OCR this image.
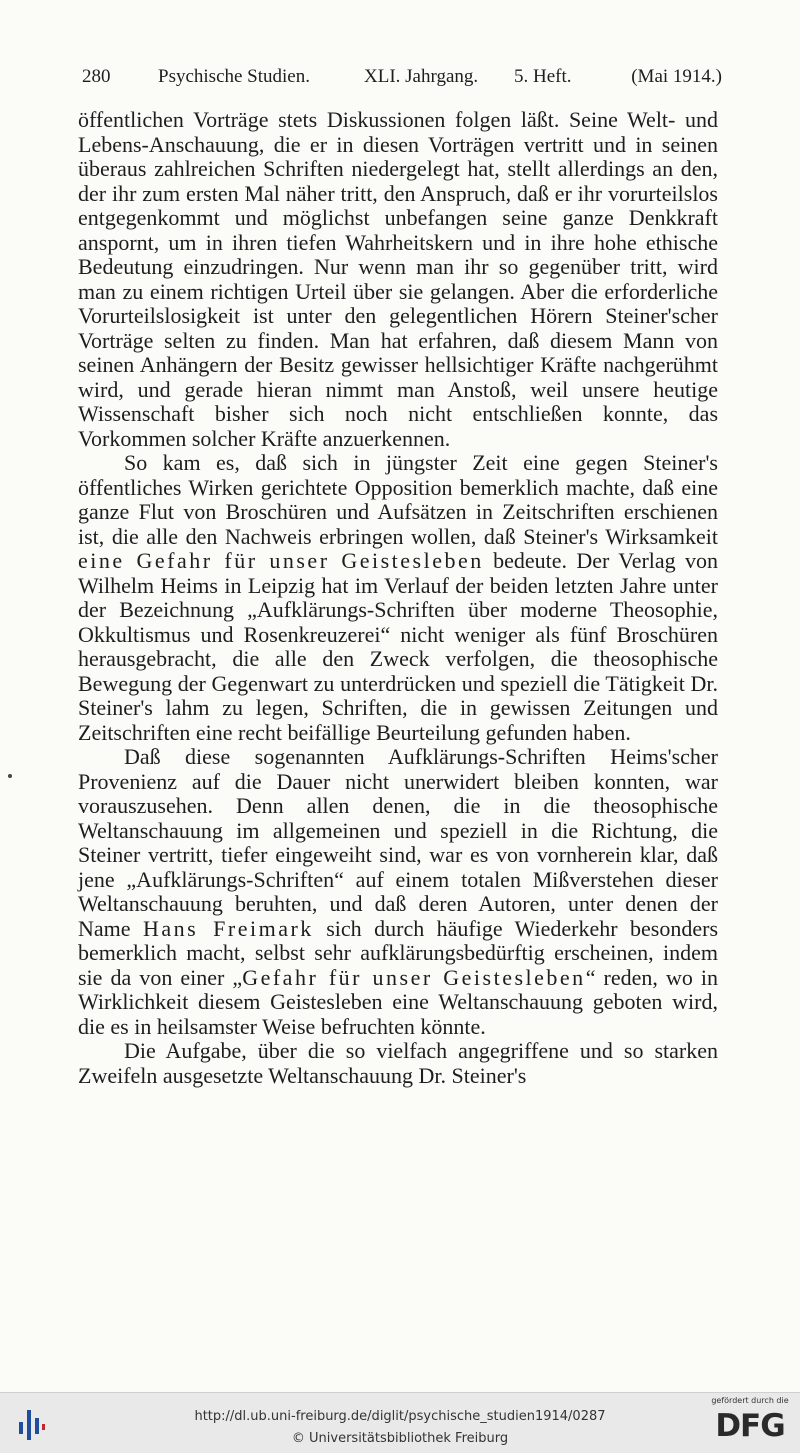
280	Psychische Studien.	XLI. Jahrgang. 5. Heft.	(Mai 1914.)

öffentlichen Vorträge stets Diskussionen folgen läßt. Seine Welt- und Lebens-Anschauung, die er in diesen Vorträgen vertritt und in seinen überaus zahlreichen Schriften niedergelegt hat, stellt allerdings an den, der ihr zum ersten Mal näher tritt, den Anspruch, daß er ihr vorurteilslos entgegenkommt und möglichst unbefangen seine ganze Denkkraft anspornt, um in ihren tiefen Wahrheitskern und in ihre hohe ethische Bedeutung einzudringen. Nur wenn man ihr so gegenüber tritt, wird man zu einem richtigen Urteil über sie gelangen. Aber die erforderliche Vorurteilslosigkeit ist unter den gelegentlichen Hörern Steiner'scher Vorträge selten zu finden. Man hat erfahren, daß diesem Mann von seinen Anhängern der Besitz gewisser hellsichtiger Kräfte nachgerühmt wird, und gerade hieran nimmt man Anstoß, weil unsere heutige Wissenschaft bisher sich noch nicht entschließen konnte, das Vorkommen solcher Kräfte anzuerkennen.

So kam es, daß sich in jüngster Zeit eine gegen Steiner's öffentliches Wirken gerichtete Opposition bemerklich machte, daß eine ganze Flut von Broschüren und Aufsätzen in Zeitschriften erschienen ist, die alle den Nachweis erbringen wollen, daß Steiner's Wirksamkeit eine Gefahr für unser Geistesleben bedeute. Der Verlag von Wilhelm Heims in Leipzig hat im Verlauf der beiden letzten Jahre unter der Bezeichnung „Aufklärungs-Schriften über moderne Theosophie, Okkultismus und Rosenkreuzerei“ nicht weniger als fünf Broschüren herausgebracht, die alle den Zweck verfolgen, die theosophische Bewegung der Gegenwart zu unterdrücken und speziell die Tätigkeit Dr. Steiner's lahm zu legen, Schriften, die in gewissen Zeitungen und Zeitschriften eine recht beifällige Beurteilung gefunden haben.

Daß diese sogenannten Aufklärungs-Schriften Heims'scher Provenienz auf die Dauer nicht unerwidert bleiben konnten, war vorauszusehen. Denn allen denen, die in die theosophische Weltanschauung im allgemeinen und speziell in die Richtung, die Steiner vertritt, tiefer eingeweiht sind, war es von vornherein klar, daß jene „Aufklärungs-Schriften“ auf einem totalen Mißverstehen dieser Weltanschauung beruhten, und daß deren Autoren, unter denen der Name Hans Freimark sich durch häufige Wiederkehr besonders bemerklich macht, selbst sehr aufklärungsbedürftig erscheinen, indem sie da von einer „Gefahr für unser Geistesleben“ reden, wo in Wirklichkeit diesem Geistesleben eine Weltanschauung geboten wird, die es in heilsamster Weise befruchten könnte.

Die Aufgabe, über die so vielfach angegriffene und so starken Zweifeln ausgesetzte Weltanschauung Dr. Steiner's

http://dl.ub.uni-freiburg.de/diglit/psychische_studien1914/0287
© Universitätsbibliothek Freiburg
gefördert durch die
DFG
